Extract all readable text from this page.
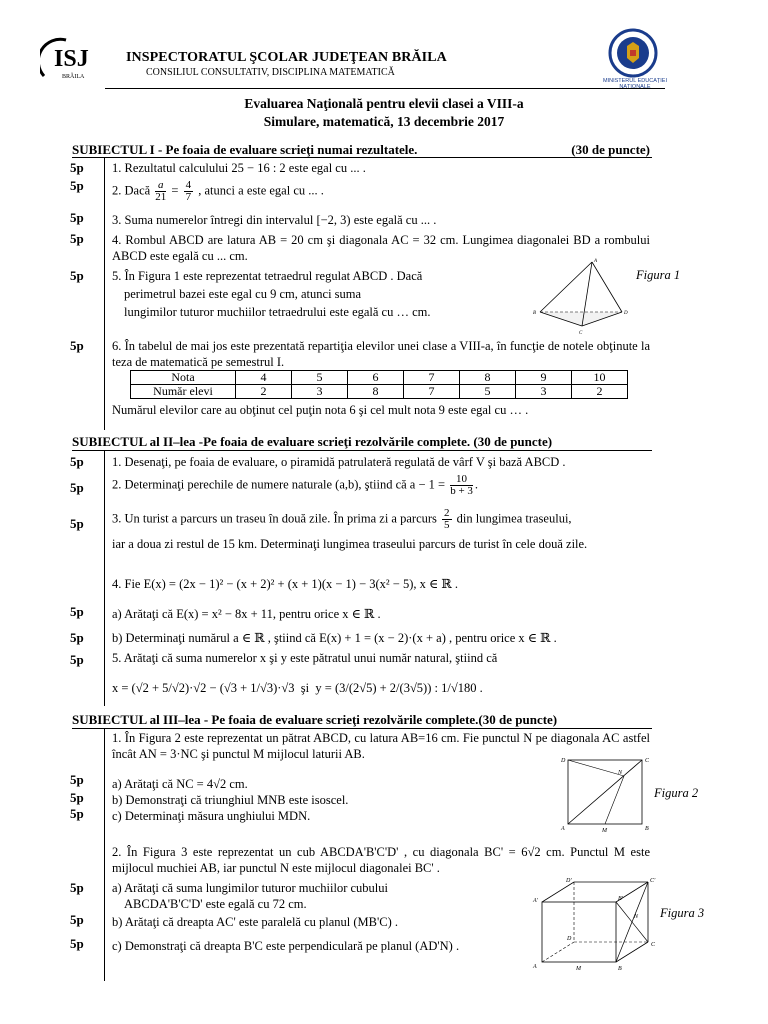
ISJ
BRĂILA
INSPECTORATUL ŞCOLAR JUDEŢEAN BRĂILA
CONSILIUL CONSULTATIV, DISCIPLINA MATEMATICĂ
MINISTERUL EDUCAȚIEI NAȚIONALE
Evaluarea Naţională pentru elevii clasei a VIII-a
Simulare, matematică, 13 decembrie 2017
SUBIECTUL I - Pe foaia de evaluare scrieţi numai rezultatele.	(30 de puncte)
5p	1. Rezultatul calculului 25 − 16 : 2 este egal cu ... .
5p	2. Dacă $\frac{a}{21} = \frac{4}{7}$ , atunci a este egal cu ... .
5p	3. Suma numerelor întregi din intervalul [−2, 3) este egală cu ... .
5p	4. Rombul ABCD are latura AB = 20 cm şi diagonala AC = 32 cm. Lungimea diagonalei BD a rombului ABCD este egală cu ... cm.
5p	5. În Figura 1 este reprezentat tetraedrul regulat ABCD . Dacă
perimetrul bazei este egal cu 9 cm, atunci suma
lungimilor tuturor muchiilor tetraedrului este egală cu … cm.
A
B
C
D
Figura 1
5p	6. În tabelul de mai jos este prezentată repartiţia elevilor unei clase a VIII-a, în funcţie de notele obţinute la teza de matematică pe semestrul I.
Nota	4	5	6	7	8	9	10
Număr elevi	2	3	8	7	5	3	2
Numărul elevilor care au obţinut cel puţin nota 6 şi cel mult nota 9 este egal cu … .
SUBIECTUL al II–lea -Pe foaia de evaluare scrieţi rezolvările complete. (30 de puncte)
5p	1. Desenaţi, pe foaia de evaluare, o piramidă patrulateră regulată de vârf V şi bază ABCD .
5p	2. Determinaţi perechile de numere naturale (a,b), ştiind că $a - 1 = \frac{10}{b + 3}$ .
5p	3. Un turist a parcurs un traseu în două zile. În prima zi a parcurs $\frac{2}{5}$ din lungimea traseului,
iar a doua zi restul de 15 km. Determinaţi lungimea traseului parcurs de turist în cele două zile.
4. Fie E(x) = (2x − 1)² − (x + 2)² + (x + 1)(x − 1) − 3(x² − 5), x ∈ ℝ .
5p	a) Arătaţi că E(x) = x² − 8x + 11, pentru orice x ∈ ℝ .
5p	b) Determinaţi numărul a ∈ ℝ , ştiind că E(x) + 1 = (x − 2)·(x + a) , pentru orice x ∈ ℝ .
5p	5. Arătaţi că suma numerelor x şi y este pătratul unui număr natural, ştiind că
x = (√2 + 5/√2)·√2 − (√3 + 1/√3)·√3 şi y = (3/(2√5) + 2/(3√5)) : 1/√180 .
SUBIECTUL al III–lea - Pe foaia de evaluare scrieţi rezolvările complete.(30 de puncte)
1. În Figura 2 este reprezentat un pătrat ABCD, cu latura AB=16 cm. Fie punctul N pe diagonala AC astfel încât AN = 3·NC şi punctul M mijlocul laturii AB.
5p	a) Arătaţi că NC = 4√2 cm.
5p	b) Demonstraţi că triunghiul MNB este isoscel.
5p	c) Determinaţi măsura unghiului MDN.
D	C
A	B
M
N
Figura 2
2. În Figura 3 este reprezentat un cub ABCDA'B'C'D' , cu diagonala BC' = 6√2 cm. Punctul M este mijlocul muchiei AB, iar punctul N este mijlocul diagonalei BC' .
5p	a) Arătaţi că suma lungimilor tuturor muchiilor cubului
ABCDA'B'C'D' este egală cu 72 cm.
5p	b) Arătaţi că dreapta AC' este paralelă cu planul (MB'C) .
5p	c) Demonstraţi că dreapta B'C este perpendiculară pe planul (AD'N) .
A	B
C
D
A'	B'
C'
D'
M
N Figura 3
